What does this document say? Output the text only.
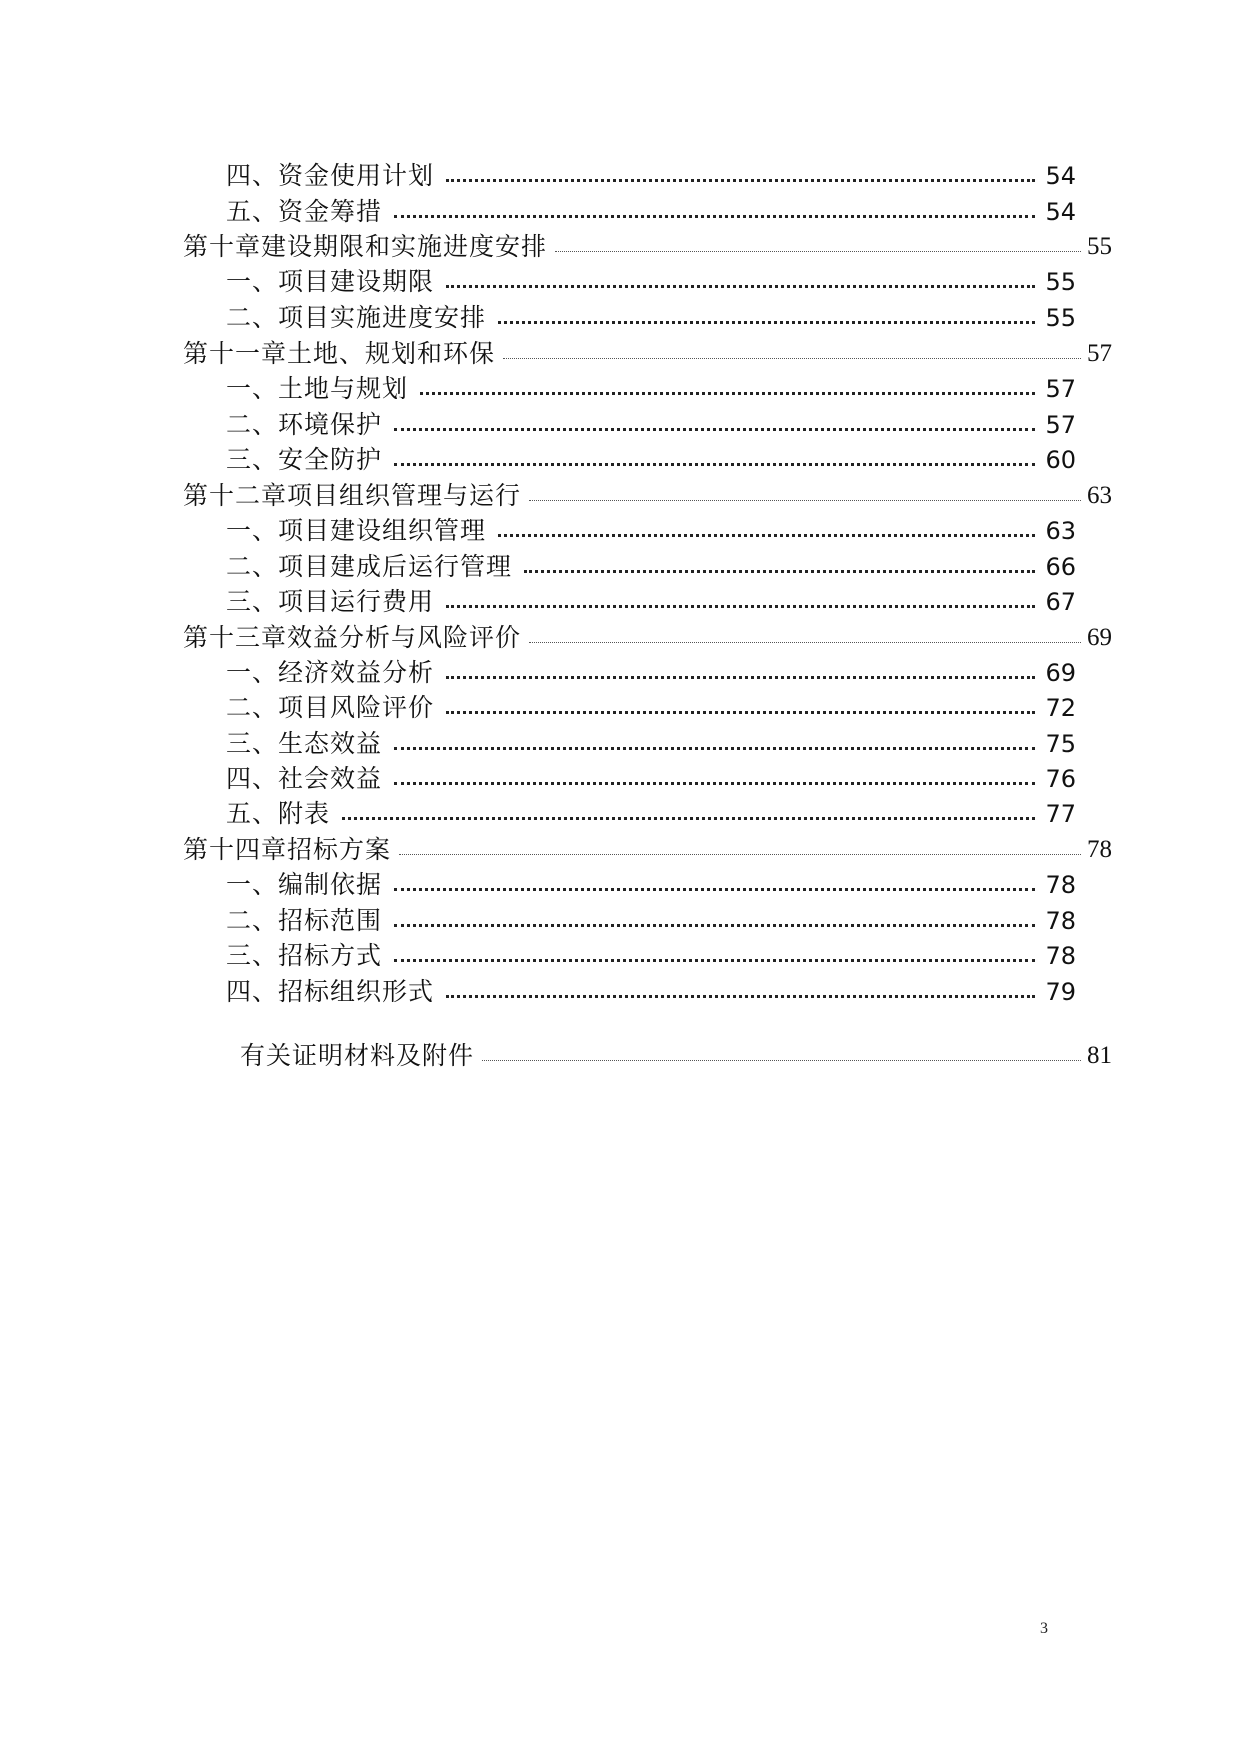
四、资金使用计划	54
五、资金筹措	54
第十章建设期限和实施进度安排	55
一、项目建设期限	55
二、项目实施进度安排	55
第十一章土地、规划和环保	57
一、土地与规划	57
二、环境保护	57
三、安全防护	60
第十二章项目组织管理与运行	63
一、项目建设组织管理	63
二、项目建成后运行管理	66
三、项目运行费用	67
第十三章效益分析与风险评价	69
一、经济效益分析	69
二、项目风险评价	72
三、生态效益	75
四、社会效益	76
五、附表	77
第十四章招标方案	78
一、编制依据	78
二、招标范围	78
三、招标方式	78
四、招标组织形式	79
有关证明材料及附件	81
3
